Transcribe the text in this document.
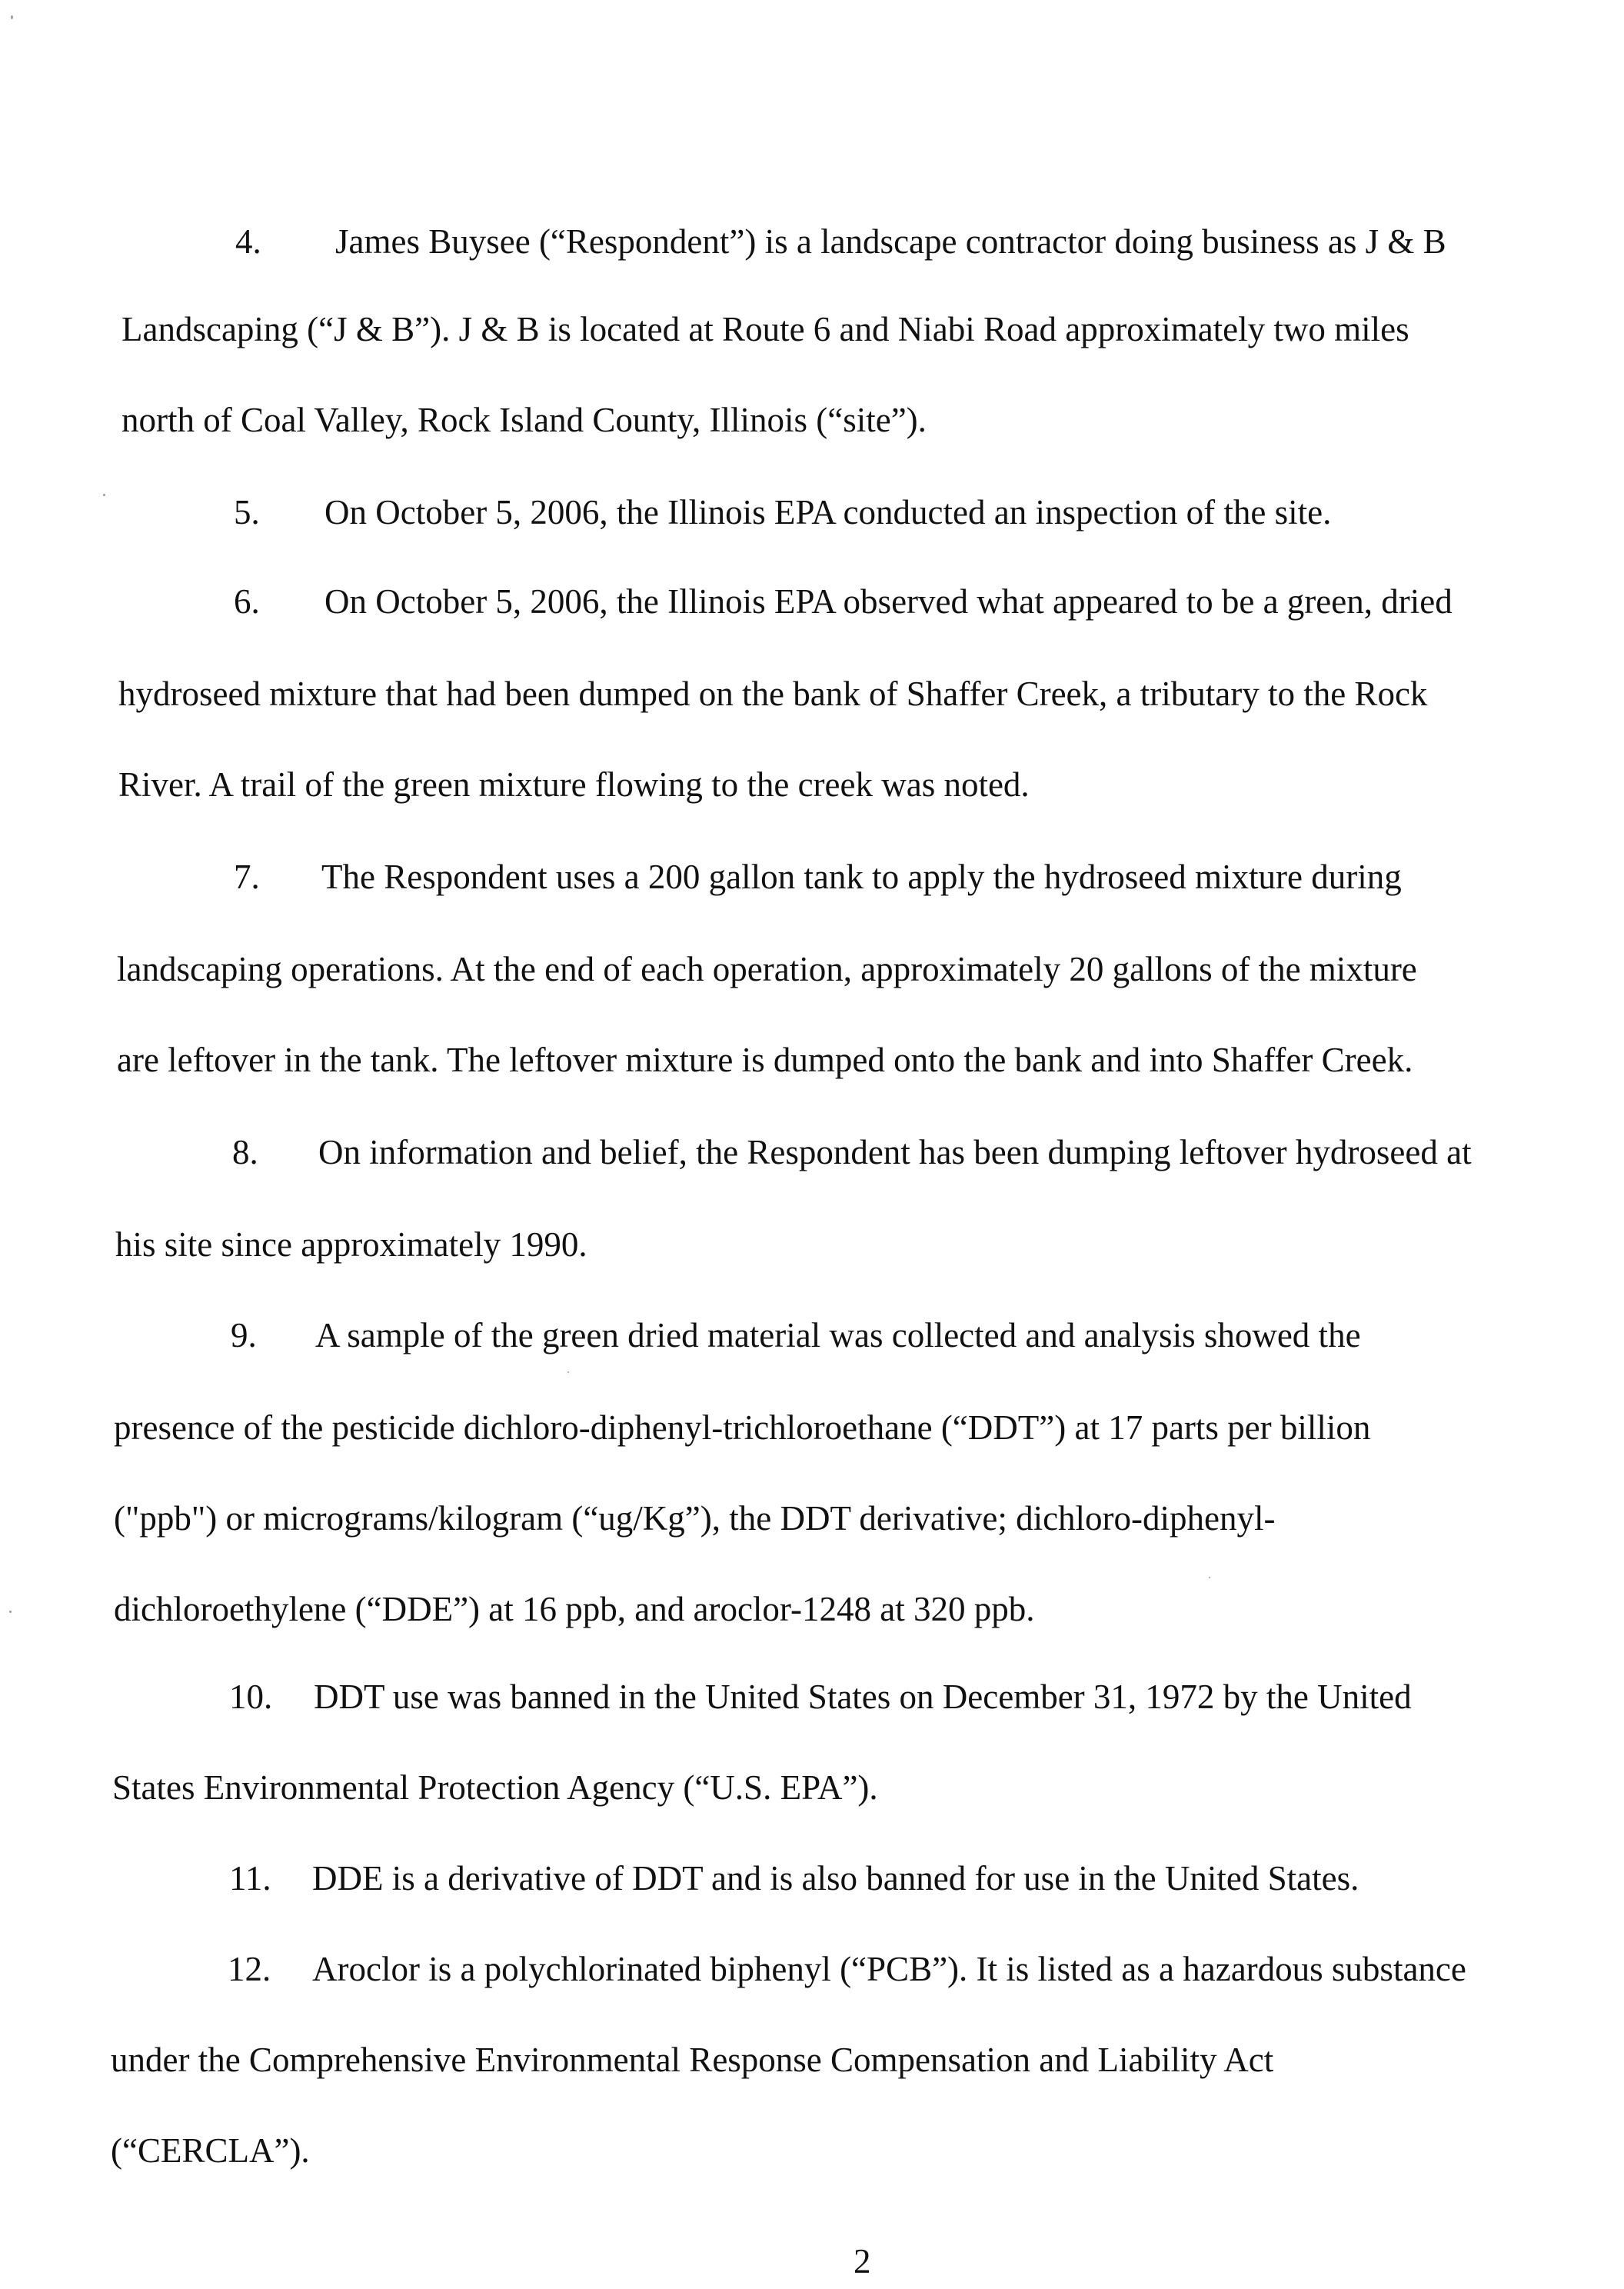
4. James Buysee (“Respondent”) is a landscape contractor doing business as J & B

Landscaping (“J & B”). J & B is located at Route 6 and Niabi Road approximately two miles

north of Coal Valley, Rock Island County, Illinois (“site”).

5. On October 5, 2006, the Illinois EPA conducted an inspection of the site.

6. On October 5, 2006, the Illinois EPA observed what appeared to be a green, dried

hydroseed mixture that had been dumped on the bank of Shaffer Creek, a tributary to the Rock

River. A trail of the green mixture flowing to the creek was noted.

7. The Respondent uses a 200 gallon tank to apply the hydroseed mixture during

landscaping operations. At the end of each operation, approximately 20 gallons of the mixture

are leftover in the tank. The leftover mixture is dumped onto the bank and into Shaffer Creek.

8. On information and belief, the Respondent has been dumping leftover hydroseed at

his site since approximately 1990.

9. A sample of the green dried material was collected and analysis showed the

presence of the pesticide dichloro-diphenyl-trichloroethane (“DDT”) at 17 parts per billion

("ppb") or micrograms/kilogram (“ug/Kg”), the DDT derivative; dichloro-diphenyl-

dichloroethylene (“DDE”) at 16 ppb, and aroclor-1248 at 320 ppb.

10. DDT use was banned in the United States on December 31, 1972 by the United

States Environmental Protection Agency (“U.S. EPA”).

11. DDE is a derivative of DDT and is also banned for use in the United States.

12. Aroclor is a polychlorinated biphenyl (“PCB”). It is listed as a hazardous substance

under the Comprehensive Environmental Response Compensation and Liability Act

(“CERCLA”).

2
